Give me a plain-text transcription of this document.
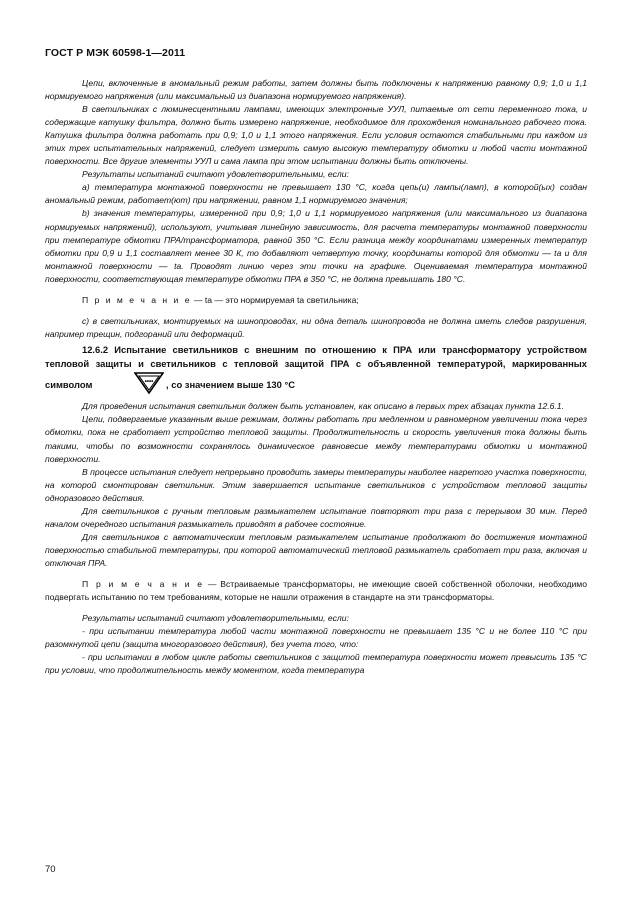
ГОСТ Р МЭК 60598-1—2011

Цепи, включенные в аномальный режим работы, затем должны быть подключены к напряжению равному 0,9; 1,0 и 1,1 нормируемого напряжения (или максимальный из диапазона нормируемого напряжения).

В светильниках с люминесцентными лампами, имеющих электронные УУЛ, питаемые от сети переменного тока, и содержащие катушку фильтра, должно быть измерено напряжение, необходимое для прохождения номинального рабочего тока. Катушка фильтра должна работать при 0,9; 1,0 и 1,1 этого напряжения. Если условия остаются стабильными при каждом из этих трех испытательных напряжений, следует измерить самую высокую температуру обмотки и любой части монтажной поверхности. Все другие элементы УУЛ и сама лампа при этом испытании должны быть отключены.

Результаты испытаний считают удовлетворительными, если:

а) температура монтажной поверхности не превышает 130 °С, когда цепь(и) лампы(ламп), в которой(ых) создан аномальный режим, работает(ют) при напряжении, равном 1,1 нормируемого значения;

b) значения температуры, измеренной при 0,9; 1,0 и 1,1 нормируемого напряжения (или максимального из диапазона нормируемых напряжений), используют, учитывая линейную зависимость, для расчета температуры монтажной поверхности при температуре обмотки ПРА/трансформатора, равной 350 °С. Если разница между координатами измеренных температур обмотки при 0,9 и 1,1 составляет менее 30 К, то добавляют четвертую точку, координаты которой для обмотки — tа и для монтажной поверхности — tа. Проводят линию через эти точки на графике. Оцениваемая температура монтажной поверхности, соответствующая температуре обмотки ПРА в 350 °С, не должна превышать 180 °С.

П р и м е ч а н и е — tа — это нормируемая tа светильника;

с) в светильниках, монтируемых на шинопроводах, ни одна деталь шинопровода не должна иметь следов разрушения, например трещин, подгораний или деформаций.

12.6.2 Испытание светильников с внешним по отношению к ПРА или трансформатору устройством тепловой защиты и светильников с тепловой защитой ПРА с объявленной температурой, маркированных символом	•••• , со значением выше 130 °С

Для проведения испытания светильник должен быть установлен, как описано в первых трех абзацах пункта 12.6.1.

Цепи, подвергаемые указанным выше режимам, должны работать при медленном и равномерном увеличении тока через обмотки, пока не сработает устройство тепловой защиты. Продолжительность и скорость увеличения тока должны быть такими, чтобы по возможности сохранялось динамическое равновесие между температурами обмотки и монтажной поверхности.

В процессе испытания следует непрерывно проводить замеры температуры наиболее нагретого участка поверхности, на которой смонтирован светильник. Этим завершается испытание светильников с устройством тепловой защиты одноразового действия.

Для светильников с ручным тепловым размыкателем испытание повторяют три раза с перерывом 30 мин. Перед началом очередного испытания размыкатель приводят в рабочее состояние.

Для светильников с автоматическим тепловым размыкателем испытание продолжают до достижения монтажной поверхностью стабильной температуры, при которой автоматический тепловой размыкатель сработает три раза, включая и отключая ПРА.

П р и м е ч а н и е — Встраиваемые трансформаторы, не имеющие своей собственной оболочки, необходимо подвергать испытанию по тем требованиям, которые не нашли отражения в стандарте на эти трансформаторы.

Результаты испытаний считают удовлетворительными, если:

- при испытании температура любой части монтажной поверхности не превышает 135 °С и не более 110 °С при разомкнутой цепи (защита многоразового действия), без учета того, что:

- при испытании в любом цикле работы светильников с защитой температура поверхности может превысить 135 °С при условии, что продолжительность между моментом, когда температура

70
